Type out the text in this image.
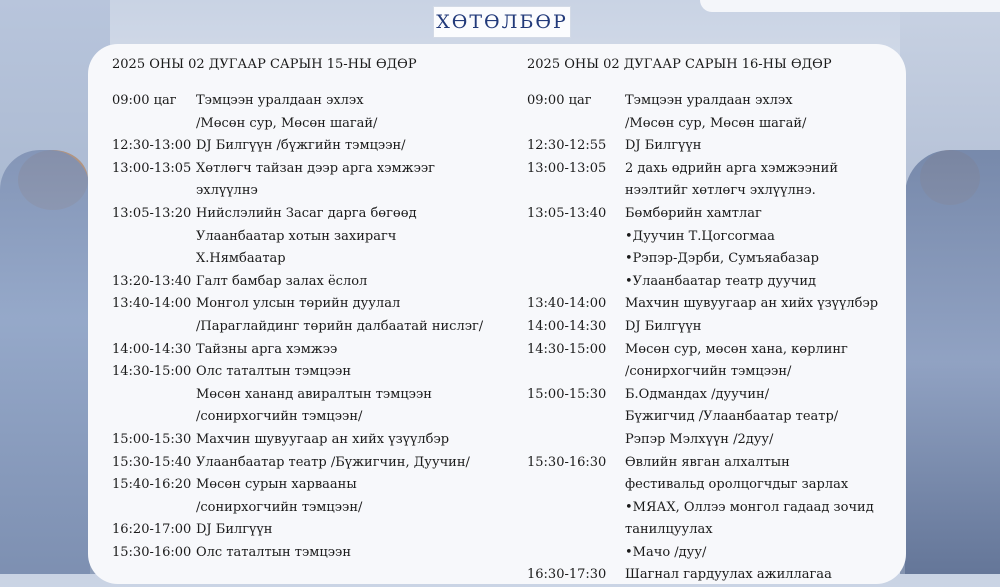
ХӨТӨЛБӨР
2025 ОНЫ 02 ДУГААР САРЫН 15-НЫ ӨДӨР
09:00 цаг	Тэмцээн уралдаан эхлэх
/Мөсөн сур, Мөсөн шагай/
12:30-13:00 DJ Билгүүн /бүжгийн тэмцээн/
13:00-13:05 Хөтлөгч тайзан дээр арга хэмжээг
эхлүүлнэ
13:05-13:20 Нийслэлийн Засаг дарга бөгөөд
Улаанбаатар хотын захирагч
Х.Нямбаатар
13:20-13:40 Галт бамбар залах ёслол
13:40-14:00 Монгол улсын төрийн дуулал
/Параглайдинг төрийн далбаатай нислэг/
14:00-14:30 Тайзны арга хэмжээ
14:30-15:00 Олс таталтын тэмцээн
Мөсөн хананд авиралтын тэмцээн
/сонирхогчийн тэмцээн/
15:00-15:30 Махчин шувуугаар ан хийх үзүүлбэр
15:30-15:40 Улаанбаатар театр /Бүжигчин, Дуучин/
15:40-16:20 Мөсөн сурын харвааны
/сонирхогчийн тэмцээн/
16:20-17:00 DJ Билгүүн
15:30-16:00 Олс таталтын тэмцээн
2025 ОНЫ 02 ДУГААР САРЫН 16-НЫ ӨДӨР
09:00 цаг	Тэмцээн уралдаан эхлэх
/Мөсөн сур, Мөсөн шагай/
12:30-12:55	DJ Билгүүн
13:00-13:05	2 дахь өдрийн арга хэмжээний
нээлтийг хөтлөгч эхлүүлнэ.
13:05-13:40	Бөмбөрийн хамтлаг
•Дуучин Т.Цогсогмаа
•Рэпэр-Дэрби, Сумъяабазар
•Улаанбаатар театр дуучид
13:40-14:00	Махчин шувуугаар ан хийх үзүүлбэр
14:00-14:30	DJ Билгүүн
14:30-15:00	Мөсөн сур, мөсөн хана, көрлинг
/сонирхогчийн тэмцээн/
15:00-15:30	Б.Одмандах /дуучин/
Бүжигчид /Улаанбаатар театр/
Рэпэр Мэлхүүн /2дуу/
15:30-16:30	Өвлийн явган алхалтын
фестивальд оролцогчдыг зарлах
•МЯАХ, Оллээ монгол гадаад зочид
танилцуулах
•Мачо /дуу/
16:30-17:30	Шагнал гардуулах ажиллагаа
